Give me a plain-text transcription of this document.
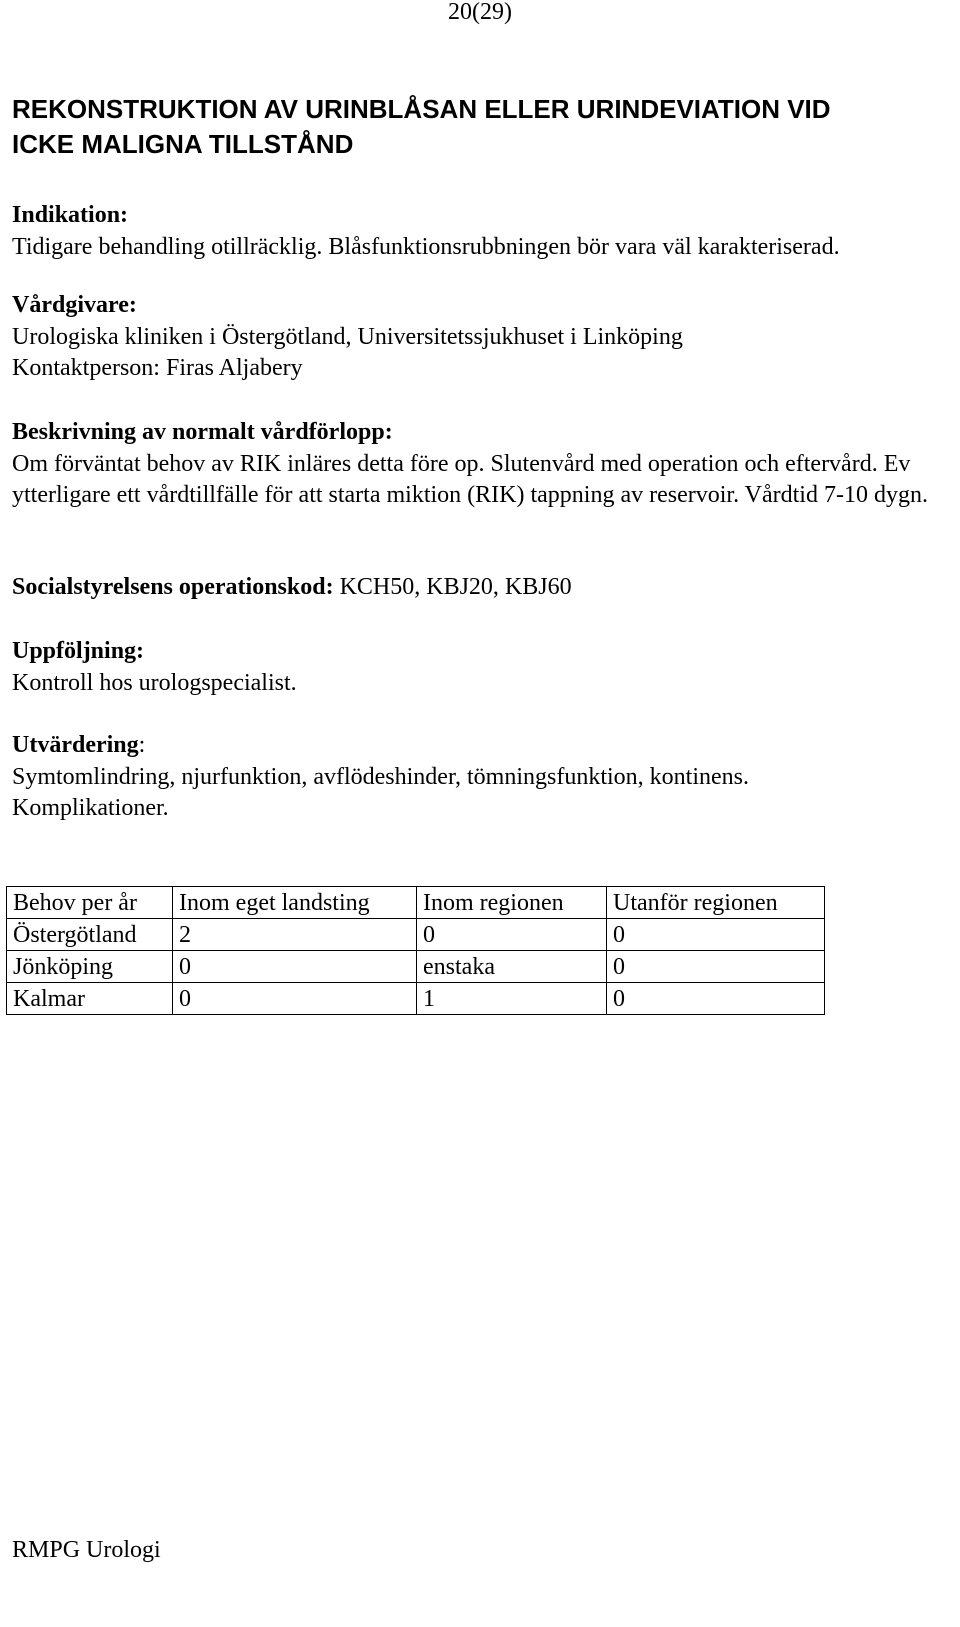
20(29)
REKONSTRUKTION AV URINBLÅSAN ELLER URINDEVIATION VID
ICKE MALIGNA TILLSTÅND
Indikation:
Tidigare behandling otillräcklig. Blåsfunktionsrubbningen bör vara väl karakteriserad.
Vårdgivare:
Urologiska kliniken i Östergötland, Universitetssjukhuset i Linköping
Kontaktperson: Firas Aljabery
Beskrivning av normalt vårdförlopp:
Om förväntat behov av RIK inläres detta före op. Slutenvård med operation och eftervård. Ev ytterligare ett vårdtillfälle för att starta miktion (RIK) tappning av reservoir. Vårdtid 7-10 dygn.
Socialstyrelsens operationskod: KCH50, KBJ20, KBJ60
Uppföljning:
Kontroll hos urologspecialist.
Utvärdering:
Symtomlindring, njurfunktion, avflödeshinder, tömningsfunktion, kontinens.
Komplikationer.
Behov per år	Inom eget landsting	Inom regionen	Utanför regionen
Östergötland	2	0	0
Jönköping	0	enstaka	0
Kalmar	0	1	0
RMPG Urologi
